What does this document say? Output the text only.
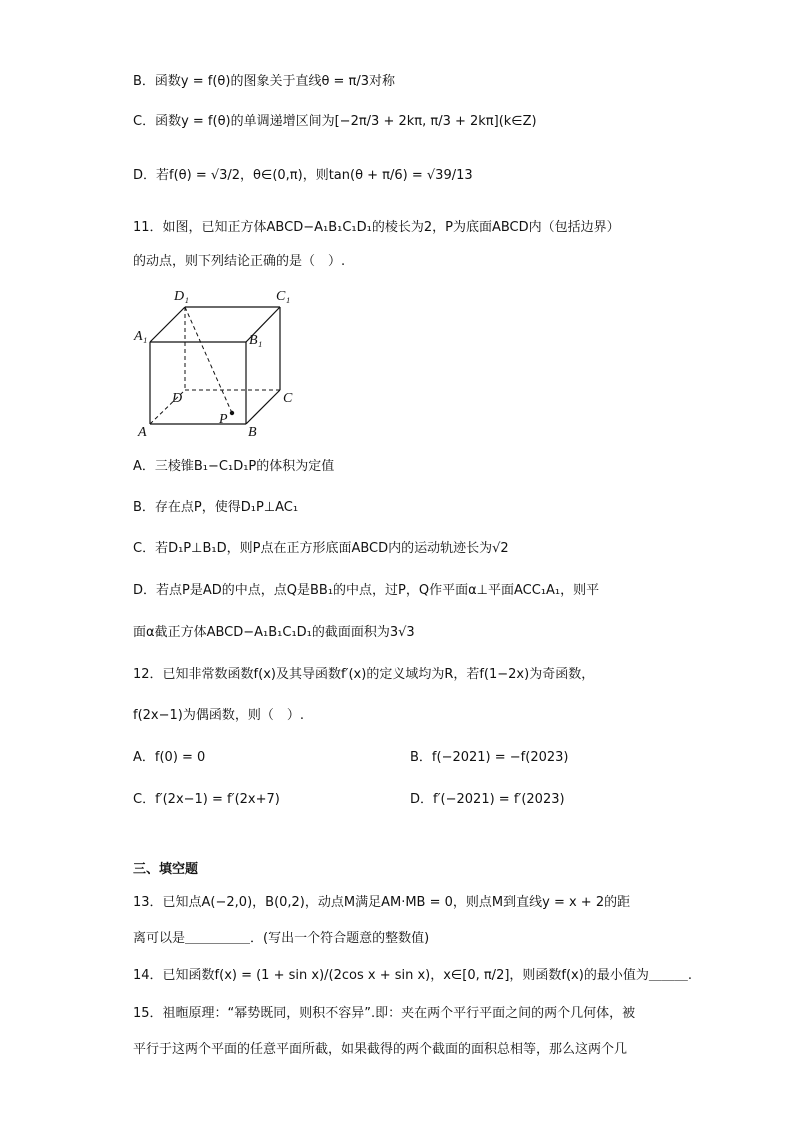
B．函数y = f(θ)的图象关于直线θ = π/3对称
C．函数y = f(θ)的单调递增区间为[−2π/3 + 2kπ, π/3 + 2kπ](k∈Z)
D．若f(θ) = √3/2，θ∈(0,π)，则tan(θ + π/6) = √39/13
11．如图，已知正方体ABCD−A₁B₁C₁D₁的棱长为2，P为底面ABCD内（包括边界）
的动点，则下列结论正确的是（　）.
D₁	C₁
A₁	B₁
D	C
P
A	B
A．三棱锥B₁−C₁D₁P的体积为定值
B．存在点P，使得D₁P⊥AC₁
C．若D₁P⊥B₁D，则P点在正方形底面ABCD内的运动轨迹长为√2
D．若点P是AD的中点，点Q是BB₁的中点，过P，Q作平面α⊥平面ACC₁A₁，则平
面α截正方体ABCD−A₁B₁C₁D₁的截面面积为3√3
12．已知非常数函数f(x)及其导函数f′(x)的定义域均为R，若f(1−2x)为奇函数，
f(2x−1)为偶函数，则（　）.
A．f(0) = 0	B．f(−2021) = −f(2023)
C．f′(2x−1) = f′(2x+7)	D．f′(−2021) = f′(2023)
三、填空题
13．已知点A(−2,0)，B(0,2)，动点M满足AM·MB = 0，则点M到直线y = x + 2的距
离可以是＿＿＿＿＿．(写出一个符合题意的整数值)
14．已知函数f(x) = (1 + sin x)/(2cos x + sin x)，x∈[0, π/2]，则函数f(x)的最小值为＿＿＿.
15．祖暅原理：“幂势既同，则积不容异”.即：夹在两个平行平面之间的两个几何体，被
平行于这两个平面的任意平面所截，如果截得的两个截面的面积总相等，那么这两个几
